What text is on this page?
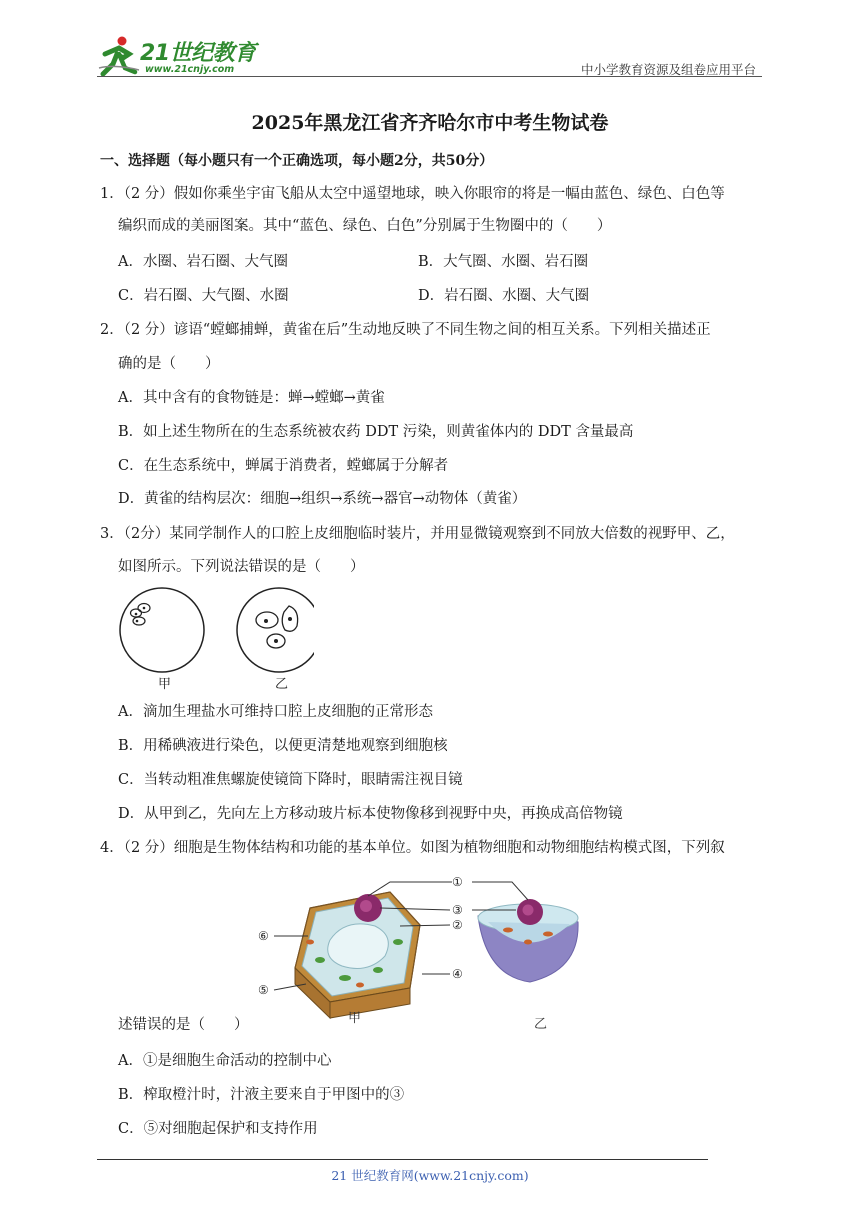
21世纪教育
www.21cnjy.com	中小学教育资源及组卷应用平台
2025年黑龙江省齐齐哈尔市中考生物试卷
一、选择题（每小题只有一个正确选项，每小题2分，共50分）
1．（2 分）假如你乘坐宇宙飞船从太空中遥望地球，映入你眼帘的将是一幅由蓝色、绿色、白色等
编织而成的美丽图案。其中“蓝色、绿色、白色”分别属于生物圈中的（　　）
A．水圈、岩石圈、大气圈	B．大气圈、水圈、岩石圈
C．岩石圈、大气圈、水圈	D．岩石圈、水圈、大气圈
2．（2 分）谚语“螳螂捕蝉，黄雀在后”生动地反映了不同生物之间的相互关系。下列相关描述正
确的是（　　）
A．其中含有的食物链是：蝉→螳螂→黄雀
B．如上述生物所在的生态系统被农药 DDT 污染，则黄雀体内的 DDT 含量最高
C．在生态系统中，蝉属于消费者，螳螂属于分解者
D．黄雀的结构层次：细胞→组织→系统→器官→动物体（黄雀）
3．（2分）某同学制作人的口腔上皮细胞临时装片，并用显微镜观察到不同放大倍数的视野甲、乙，
如图所示。下列说法错误的是（　　）
甲	乙
A．滴加生理盐水可维持口腔上皮细胞的正常形态
B．用稀碘液进行染色，以便更清楚地观察到细胞核
C．当转动粗准焦螺旋使镜筒下降时，眼睛需注视目镜
D．从甲到乙，先向左上方移动玻片标本使物像移到视野中央，再换成高倍物镜
4．（2 分）细胞是生物体结构和功能的基本单位。如图为植物细胞和动物细胞结构模式图，下列叙
①
③
②
⑥
⑤
④
甲	乙
述错误的是（　　）
A．①是细胞生命活动的控制中心
B．榨取橙汁时，汁液主要来自于甲图中的③
C．⑤对细胞起保护和支持作用
21 世纪教育网(www.21cnjy.com)
